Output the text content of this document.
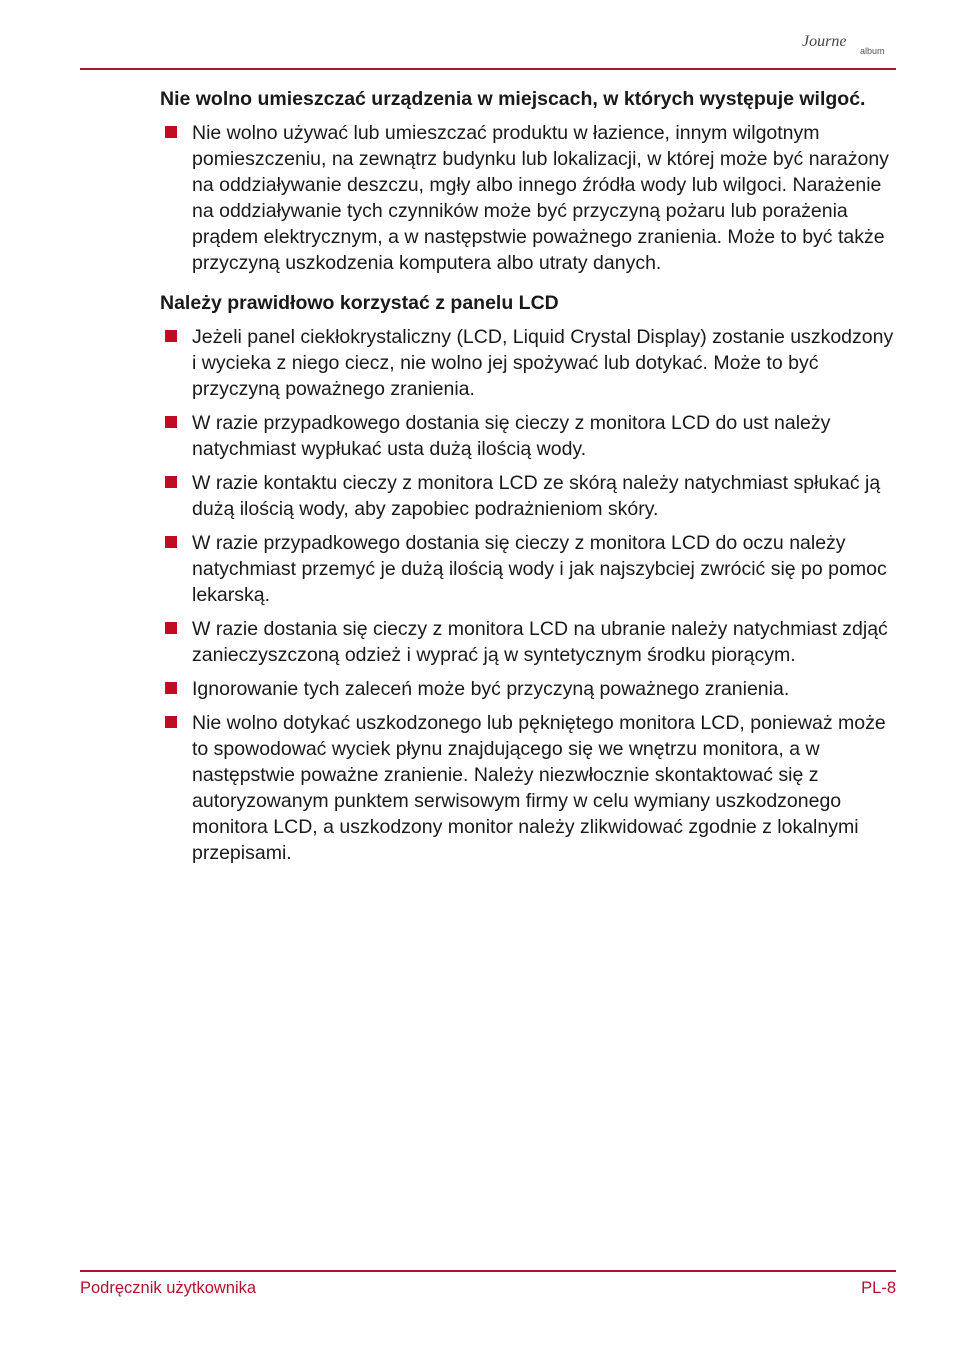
Journe
album
Nie wolno umieszczać urządzenia w miejscach, w których występuje wilgoć.
Nie wolno używać lub umieszczać produktu w łazience, innym wilgotnym pomieszczeniu, na zewnątrz budynku lub lokalizacji, w której może być narażony na oddziaływanie deszczu, mgły albo innego źródła wody lub wilgoci. Narażenie na oddziaływanie tych czynników może być przyczyną pożaru lub porażenia prądem elektrycznym, a w następstwie poważnego zranienia. Może to być także przyczyną uszkodzenia komputera albo utraty danych.
Należy prawidłowo korzystać z panelu LCD
Jeżeli panel ciekłokrystaliczny (LCD, Liquid Crystal Display) zostanie uszkodzony i wycieka z niego ciecz, nie wolno jej spożywać lub dotykać. Może to być przyczyną poważnego zranienia.
W razie przypadkowego dostania się cieczy z monitora LCD do ust należy natychmiast wypłukać usta dużą ilością wody.
W razie kontaktu cieczy z monitora LCD ze skórą należy natychmiast spłukać ją dużą ilością wody, aby zapobiec podrażnieniom skóry.
W razie przypadkowego dostania się cieczy z monitora LCD do oczu należy natychmiast przemyć je dużą ilością wody i jak najszybciej zwrócić się po pomoc lekarską.
W razie dostania się cieczy z monitora LCD na ubranie należy natychmiast zdjąć zanieczyszczoną odzież i wyprać ją w syntetycznym środku piorącym.
Ignorowanie tych zaleceń może być przyczyną poważnego zranienia.
Nie wolno dotykać uszkodzonego lub pękniętego monitora LCD, ponieważ może to spowodować wyciek płynu znajdującego się we wnętrzu monitora, a w następstwie poważne zranienie. Należy niezwłocznie skontaktować się z autoryzowanym punktem serwisowym firmy w celu wymiany uszkodzonego monitora LCD, a uszkodzony monitor należy zlikwidować zgodnie z lokalnymi przepisami.
Podręcznik użytkownika	PL-8
